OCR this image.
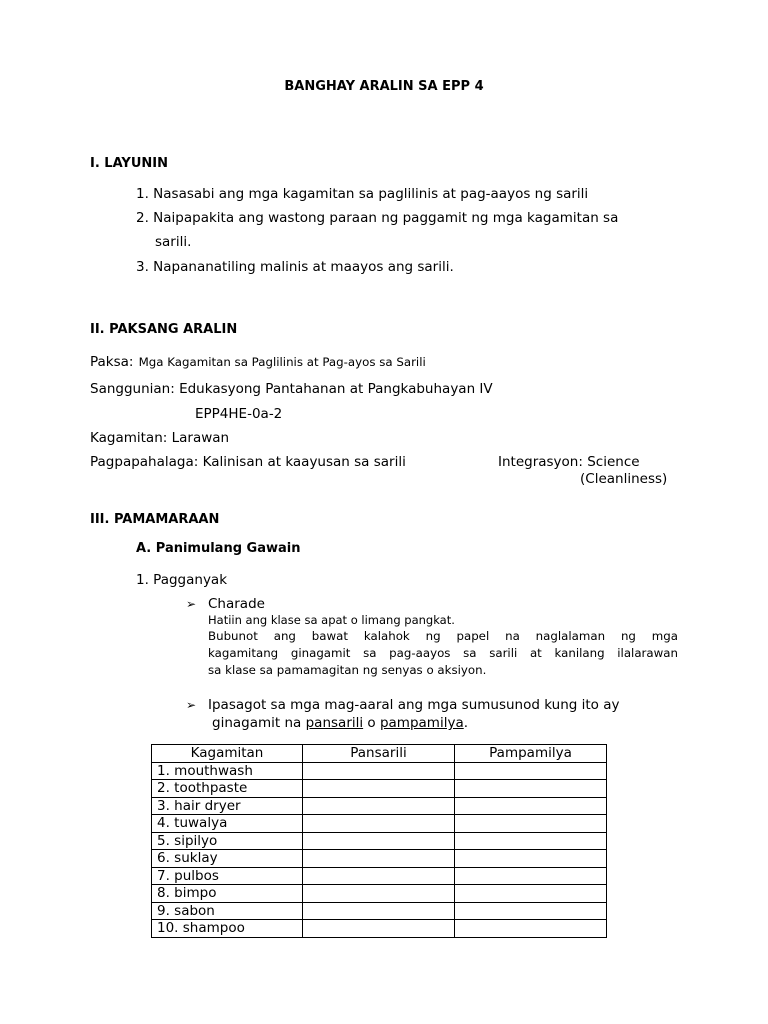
BANGHAY ARALIN SA EPP 4
I. LAYUNIN
1. Nasasabi ang mga kagamitan sa paglilinis at pag-aayos ng sarili
2. Naipapakita ang wastong paraan ng paggamit ng mga kagamitan sa
sarili.
3. Napananatiling malinis at maayos ang sarili.
II. PAKSANG ARALIN
Paksa: Mga Kagamitan sa Paglilinis at Pag-ayos sa Sarili
Sanggunian: Edukasyong Pantahanan at Pangkabuhayan IV
EPP4HE-0a-2
Kagamitan: Larawan
Pagpapahalaga: Kalinisan at kaayusan sa sarili	Integrasyon: Science
(Cleanliness)
III. PAMAMARAAN
A. Panimulang Gawain
1. Pagganyak
➢ Charade
Hatiin ang klase sa apat o limang pangkat.
Bubunot ang bawat kalahok ng papel na naglalaman ng mga
kagamitang ginagamit sa pag-aayos sa sarili at kanilang ilalarawan
sa klase sa pamamagitan ng senyas o aksiyon.
➢ Ipasagot sa mga mag-aaral ang mga sumusunod kung ito ay
ginagamit na pansarili o pampamilya.
Kagamitan	Pansarili	Pampamilya
1. mouthwash		
2. toothpaste		
3. hair dryer		
4. tuwalya		
5. sipilyo		
6. suklay		
7. pulbos		
8. bimpo		
9. sabon		
10. shampoo		
